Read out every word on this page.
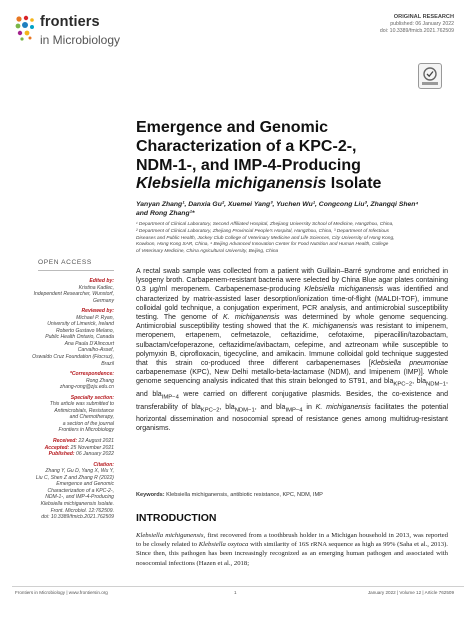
frontiers
in Microbiology
ORIGINAL RESEARCH
published: 06 January 2022
doi: 10.3389/fmicb.2021.762509
Emergence and Genomic
Characterization of a KPC-2-,
NDM-1-, and IMP-4-Producing
Klebsiella michiganensis Isolate
Yanyan Zhang¹, Danxia Gu², Xuemei Yang³, Yuchen Wu¹, Congcong Liu³, Zhangqi Shen⁴
and Rong Zhang¹*
¹ Department of Clinical Laboratory, Second Affiliated Hospital, Zhejiang University School of Medicine, Hangzhou, China,
² Department of Clinical Laboratory, Zhejiang Provincial People's Hospital, Hangzhou, China, ³ Department of Infectious
Diseases and Public Health, Jockey Club College of Veterinary Medicine and Life Sciences, City University of Hong Kong,
Kowloon, Hong Kong SAR, China, ⁴ Beijing Advanced Innovation Center for Food Nutrition and Human Health, College
of Veterinary Medicine, China Agricultural University, Beijing, China
OPEN ACCESS
Edited by:
Kristina Kadlec,
Independent Researcher, Wunstorf,
Germany
Reviewed by:
Michael P. Ryan,
University of Limerick, Ireland
Roberto Gustavo Melano,
Public Health Ontario, Canada
Ana Paula D'Alincourt
Carvalho-Assef,
Oswaldo Cruz Foundation (Fiocruz),
Brazil
*Correspondence:
Rong Zhang
zhang-rong@zju.edu.cn
Specialty section:
This article was submitted to
Antimicrobials, Resistance
and Chemotherapy,
a section of the journal
Frontiers in Microbiology
Received: 22 August 2021
Accepted: 25 November 2021
Published: 06 January 2022
Citation:
Zhang Y, Gu D, Yang X, Wu Y,
Liu C, Shen Z and Zhang R (2022)
Emergence and Genomic
Characterization of a KPC-2-,
NDM-1-, and IMP-4-Producing
Klebsiella michiganensis Isolate.
Front. Microbiol. 12:762509.
doi: 10.3389/fmicb.2021.762509
A rectal swab sample was collected from a patient with Guillain–Barré syndrome and enriched in lysogeny broth. Carbapenem-resistant bacteria were selected by China Blue agar plates containing 0.3 μg/ml meropenem. Carbapenemase-producing Klebsiella michiganensis was identified and characterized by matrix-assisted laser desorption/ionization time-of-flight (MALDI-TOF), immune colloidal gold technique, a conjugation experiment, PCR analysis, and antimicrobial susceptibility testing. The genome of K. michiganensis was determined by whole genome sequencing. Antimicrobial susceptibility testing showed that the K. michiganensis was resistant to imipenem, meropenem, ertapenem, cefmetazole, ceftazidime, cefotaxime, piperacillin/tazobactam, sulbactam/cefoperazone, ceftazidime/avibactam, cefepime, and aztreonam while susceptible to polymyxin B, ciprofloxacin, tigecycline, and amikacin. Immune colloidal gold technique suggested that this strain co-produced three different carbapenemases [Klebsiella pneumoniae carbapenemase (KPC), New Delhi metallo-beta-lactamase (NDM), and Imipenem (IMP)]. Whole genome sequencing analysis indicated that this strain belonged to ST91, and bla$_{KPC-2}$, bla$_{NDM-1}$, and bla$_{IMP-4}$ were carried on different conjugative plasmids. Besides, the co-existence and transferability of bla$_{KPC-2}$, bla$_{NDM-1}$, and bla$_{IMP-4}$ in K. michiganensis facilitates the potential horizontal dissemination and nosocomial spread of resistance genes among multidrug-resistant organisms.
Keywords: Klebsiella michiganensis, antibiotic resistance, KPC, NDM, IMP
INTRODUCTION
Klebsiella michiganensis, first recovered from a toothbrush holder in a Michigan household in 2013, was reported to be closely related to Klebsiella oxytoca with similarity of 16S rRNA sequence as high as 99% (Saha et al., 2013). Since then, this pathogen has been increasingly recognized as an emerging human pathogen and associated with nosocomial infections (Hazen et al., 2018;
Frontiers in Microbiology | www.frontiersin.org	1	January 2022 | Volume 12 | Article 762509
